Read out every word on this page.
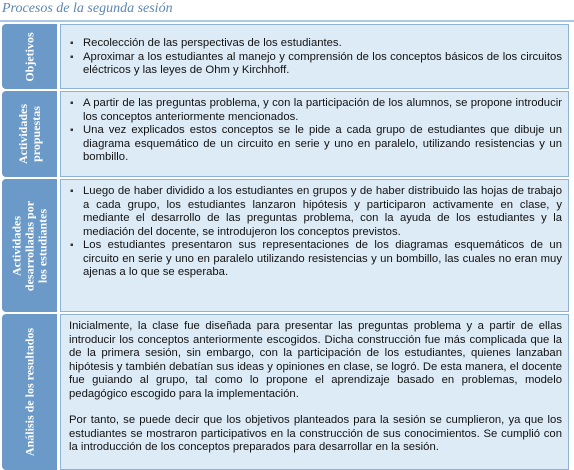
Procesos de la segunda sesión
Objetivos
▪	Recolección de las perspectivas de los estudiantes.
▪ Aproximar a los estudiantes al manejo y comprensión de los conceptos básicos de los circuitos eléctricos y las leyes de Ohm y Kirchhoff.
Actividades propuestas
▪ A partir de las preguntas problema, y con la participación de los alumnos, se propone introducir los conceptos anteriormente mencionados.
▪ Una vez explicados estos conceptos se le pide a cada grupo de estudiantes que dibuje un diagrama esquemático de un circuito en serie y uno en paralelo, utilizando resistencias y un bombillo.
Actividades desarrolladas por los estudiantes
▪ Luego de haber dividido a los estudiantes en grupos y de haber distribuido las hojas de trabajo a cada grupo, los estudiantes lanzaron hipótesis y participaron activamente en clase, y mediante el desarrollo de las preguntas problema, con la ayuda de los estudiantes y la mediación del docente, se introdujeron los conceptos previstos.
▪ Los estudiantes presentaron sus representaciones de los diagramas esquemáticos de un circuito en serie y uno en paralelo utilizando resistencias y un bombillo, las cuales no eran muy ajenas a lo que se esperaba.
Análisis de los resultados

Inicialmente, la clase fue diseñada para presentar las preguntas problema y a partir de ellas introducir los conceptos anteriormente escogidos. Dicha construcción fue más complicada que la de la primera sesión, sin embargo, con la participación de los estudiantes, quienes lanzaban hipótesis y también debatían sus ideas y opiniones en clase, se logró. De esta manera, el docente fue guiando al grupo, tal como lo propone el aprendizaje basado en problemas, modelo pedagógico escogido para la implementación.

Por tanto, se puede decir que los objetivos planteados para la sesión se cumplieron, ya que los estudiantes se mostraron participativos en la construcción de sus conocimientos. Se cumplió con la introducción de los conceptos preparados para desarrollar en la sesión.
